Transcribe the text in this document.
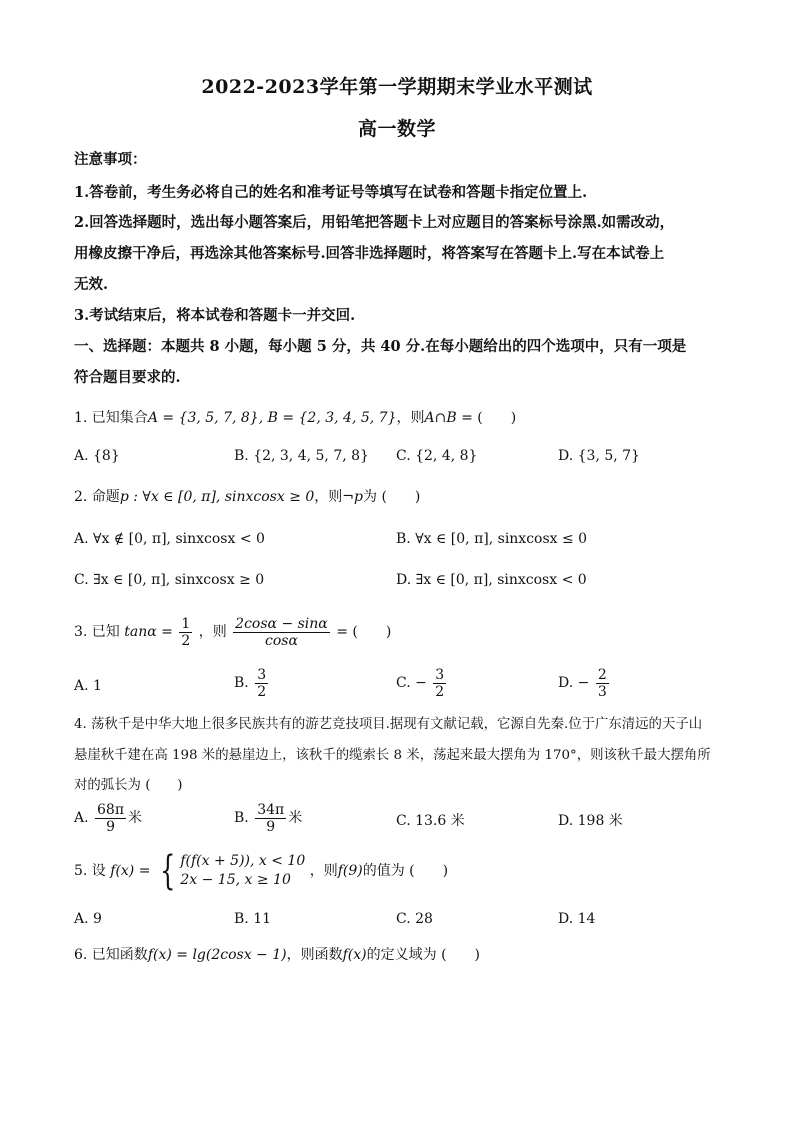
2022-2023学年第一学期期末学业水平测试
高一数学
注意事项：
1.答卷前，考生务必将自己的姓名和准考证号等填写在试卷和答题卡指定位置上.
2.回答选择题时，选出每小题答案后，用铅笔把答题卡上对应题目的答案标号涂黑.如需改动，
用橡皮擦干净后，再选涂其他答案标号.回答非选择题时，将答案写在答题卡上.写在本试卷上
无效.
3.考试结束后，将本试卷和答题卡一并交回.
一、选择题：本题共 8 小题，每小题 5 分，共 40 分.在每小题给出的四个选项中，只有一项是
符合题目要求的.
1. 已知集合A = {3, 5, 7, 8}, B = {2, 3, 4, 5, 7}，则A∩B = (　　)
A. {8}	B. {2, 3, 4, 5, 7, 8} C. {2, 4, 8}	D. {3, 5, 7}
2. 命题p : ∀x ∈ [0, π], sinxcosx ≥ 0，则¬p为 (　　)
A. ∀x ∉ [0, π], sinxcosx < 0	B. ∀x ∈ [0, π], sinxcosx ≤ 0
C. ∃x ∈ [0, π], sinxcosx ≥ 0	D. ∃x ∈ [0, π], sinxcosx < 0
3. 已知 $\tan\alpha = \frac{1}{2}$ ，则 $\frac{2\cos\alpha - \sin\alpha}{\cos\alpha}$ = (　　)
A. 1	B. $\frac{3}{2}$	C. − $\frac{3}{2}$	D. − $\frac{2}{3}$
4. 荡秋千是中华大地上很多民族共有的游艺竞技项目.据现有文献记载，它源自先秦.位于广东清远的天子山
悬崖秋千建在高 198 米的悬崖边上，该秋千的缆索长 8 米，荡起来最大摆角为 170°，则该秋千最大摆角所
对的弧长为 (　　)
A. $\frac{68\pi}{9}$ 米	B. $\frac{34\pi}{9}$ 米	C. 13.6 米	D. 198 米
5. 设 f(x) = { f(f(x + 5)), x < 10
2x − 15, x ≥ 10
，则f(9)的值为 (　　)
A. 9	B. 11	C. 28	D. 14
6. 已知函数f(x) = lg(2cosx − 1)，则函数f(x)的定义域为 (　　)
